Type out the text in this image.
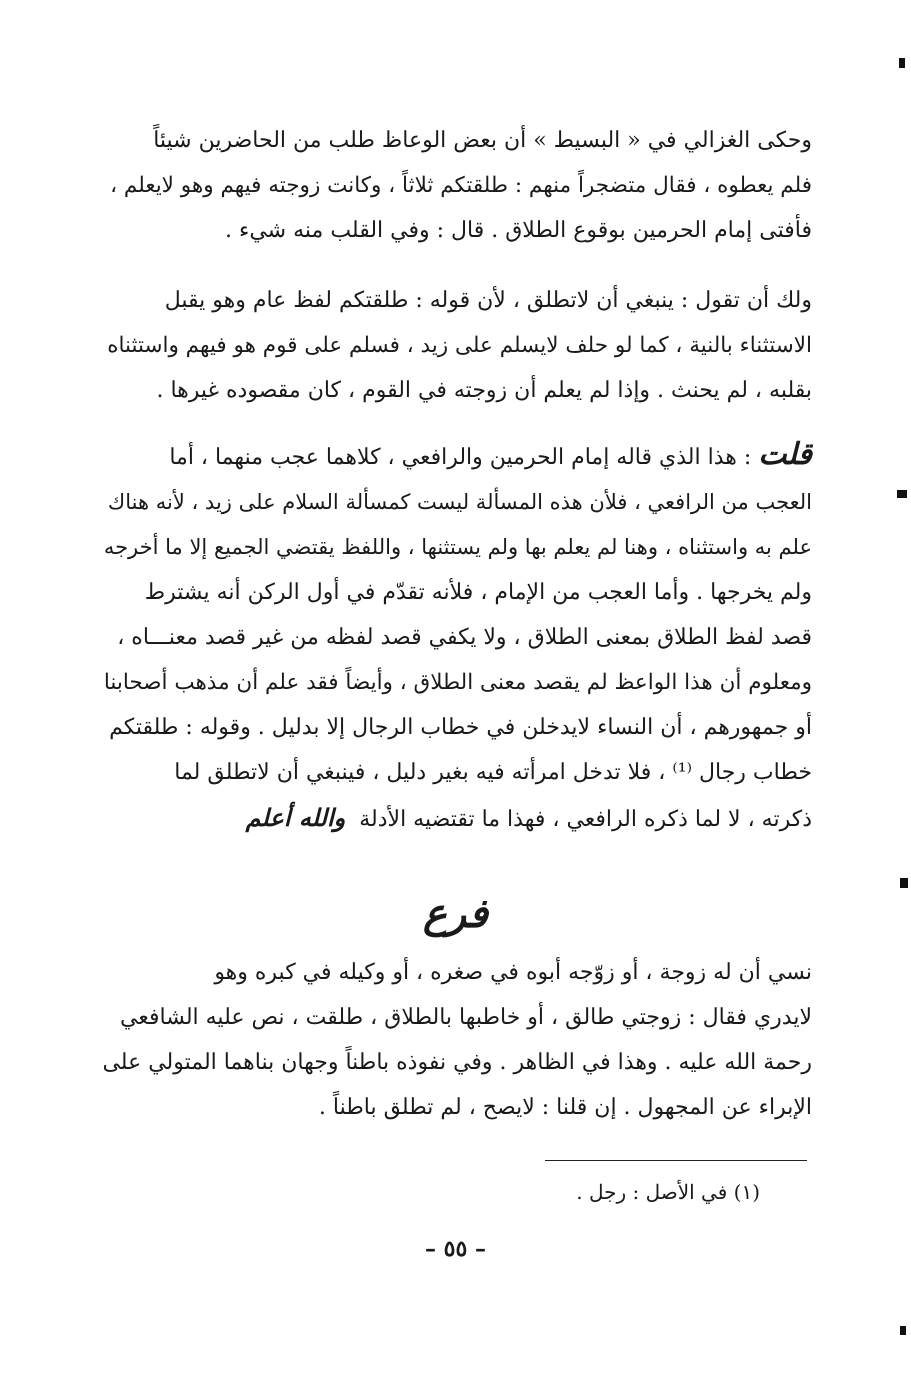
وحكى الغزالي في « البسيط » أن بعض الوعاظ طلب من الحاضرين شيئاً
فلم يعطوه ، فقال متضجراً منهم : طلقتكم ثلاثاً ، وكانت زوجته فيهم وهو لايعلم ،
فأفتى إمام الحرمين بوقوع الطلاق . قال : وفي القلب منه شيء .
ولك أن تقول : ينبغي أن لاتطلق ، لأن قوله : طلقتكم لفظ عام وهو يقبل
الاستثناء بالنية ، كما لو حلف لايسلم على زيد ، فسلم على قوم هو فيهم واستثناه
بقلبه ، لم يحنث . وإذا لم يعلم أن زوجته في القوم ، كان مقصوده غيرها .
قلت : هذا الذي قاله إمام الحرمين والرافعي ، كلاهما عجب منهما ، أما
العجب من الرافعي ، فلأن هذه المسألة ليست كمسألة السلام على زيد ، لأنه هناك
علم به واستثناه ، وهنا لم يعلم بها ولم يستثنها ، واللفظ يقتضي الجميع إلا ما أخرجه
ولم يخرجها . وأما العجب من الإمام ، فلأنه تقدّم في أول الركن أنه يشترط
قصد لفظ الطلاق بمعنى الطلاق ، ولا يكفي قصد لفظه من غير قصد معنـــاه ،
ومعلوم أن هذا الواعظ لم يقصد معنى الطلاق ، وأيضاً فقد علم أن مذهب أصحابنا
أو جمهورهم ، أن النساء لايدخلن في خطاب الرجال إلا بدليل . وقوله : طلقتكم
خطاب رجال ⁽¹⁾ ، فلا تدخل امرأته فيه بغير دليل ، فينبغي أن لاتطلق لما
ذكرته ، لا لما ذكره الرافعي ، فهذا ما تقتضيه الأدلة  والله أعلم
فرع
نسي أن له زوجة ، أو زوّجه أبوه في صغره ، أو وكيله في كبره وهو
لايدري فقال : زوجتي طالق ، أو خاطبها بالطلاق ، طلقت ، نص عليه الشافعي
رحمة الله عليه . وهذا في الظاهر . وفي نفوذه باطناً وجهان بناهما المتولي على
الإبراء عن المجهول . إن قلنا : لايصح ، لم تطلق باطناً .
(١) في الأصل : رجل .
– ٥٥ –
